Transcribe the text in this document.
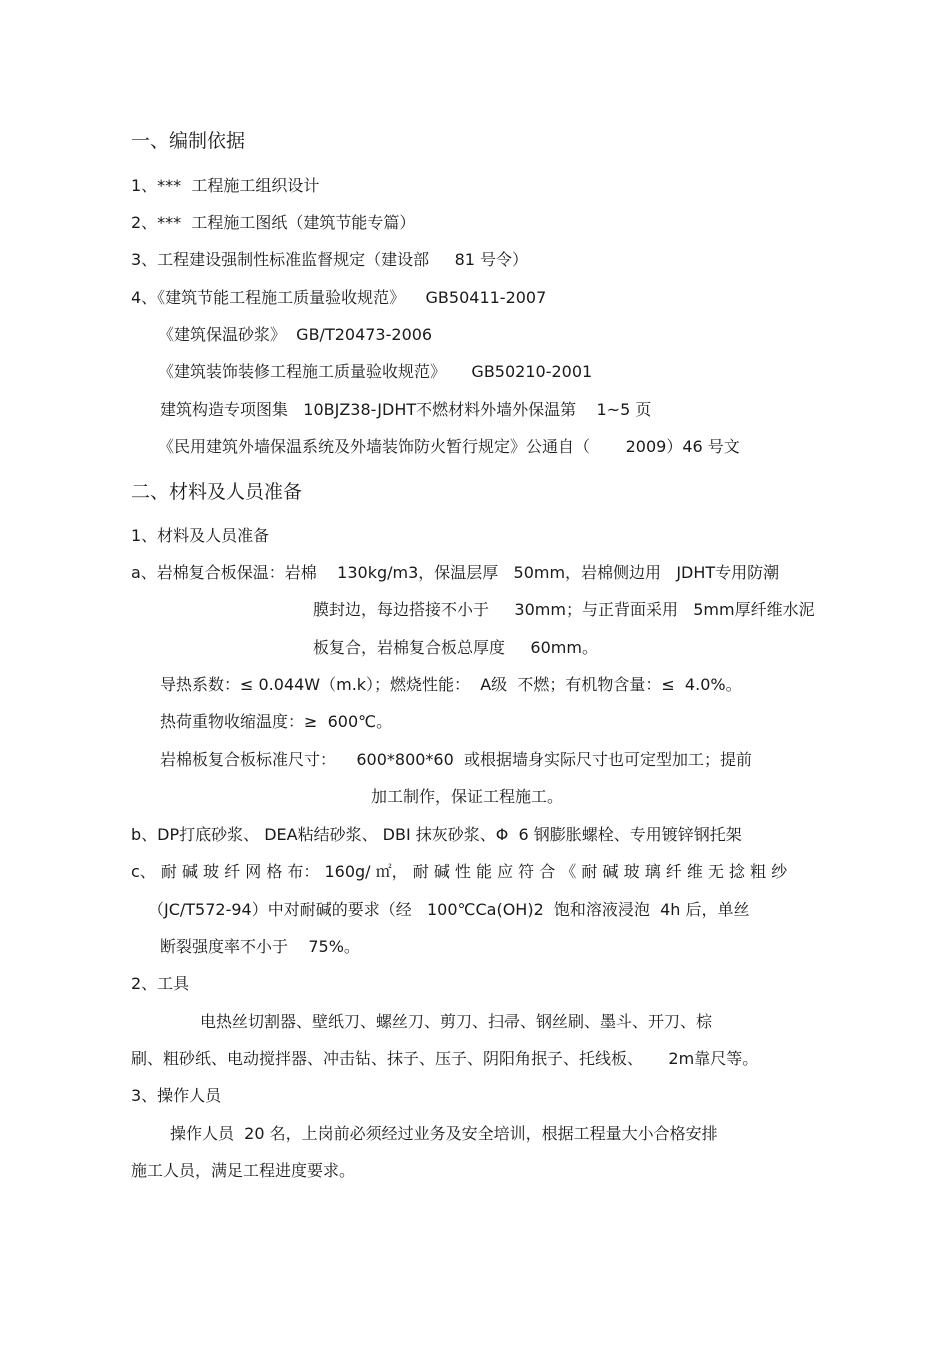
一、编制依据
1、***  工程施工组织设计
2、***  工程施工图纸（建筑节能专篇）
3、工程建设强制性标准监督规定（建设部     81 号令）
4、《建筑节能工程施工质量验收规范》    GB50411-2007
《建筑保温砂浆》  GB/T20473-2006
《建筑装饰装修工程施工质量验收规范》     GB50210-2001
建筑构造专项图集   10BJZ38-JDHT不燃材料外墙外保温第    1~5 页
《民用建筑外墙保温系统及外墙装饰防火暂行规定》公通自（       2009）46 号文
二、材料及人员准备
1、材料及人员准备
a、岩棉复合板保温：岩棉    130kg/m3，保温层厚   50mm，岩棉侧边用   JDHT专用防潮
膜封边，每边搭接不小于     30mm；与正背面采用   5mm厚纤维水泥
板复合，岩棉复合板总厚度     60mm。
导热系数：≤ 0.044W（m.k）；燃烧性能：  A级  不燃；有机物含量：≤  4.0%。
热荷重物收缩温度：≥  600℃。
岩棉板复合板标准尺寸：    600*800*60  或根据墙身实际尺寸也可定型加工；提前
加工制作，保证工程施工。
b、DP打底砂浆、 DEA粘结砂浆、 DBI 抹灰砂浆、Φ  6 钢膨胀螺栓、专用镀锌钢托架
c、 耐 碱 玻 纤 网 格 布： 160g/ ㎡， 耐 碱 性 能 应 符 合 《 耐 碱 玻 璃 纤 维 无 捻 粗 纱
（JC/T572-94）中对耐碱的要求（经   100℃Ca(OH)2  饱和溶液浸泡  4h 后，单丝
断裂强度率不小于    75%。
2、工具
电热丝切割器、壁纸刀、螺丝刀、剪刀、扫帚、钢丝刷、墨斗、开刀、棕
刷、粗砂纸、电动搅拌器、冲击钻、抹子、压子、阴阳角抿子、托线板、     2m靠尺等。
3、操作人员
操作人员  20 名，上岗前必须经过业务及安全培训，根据工程量大小合格安排
施工人员，满足工程进度要求。
